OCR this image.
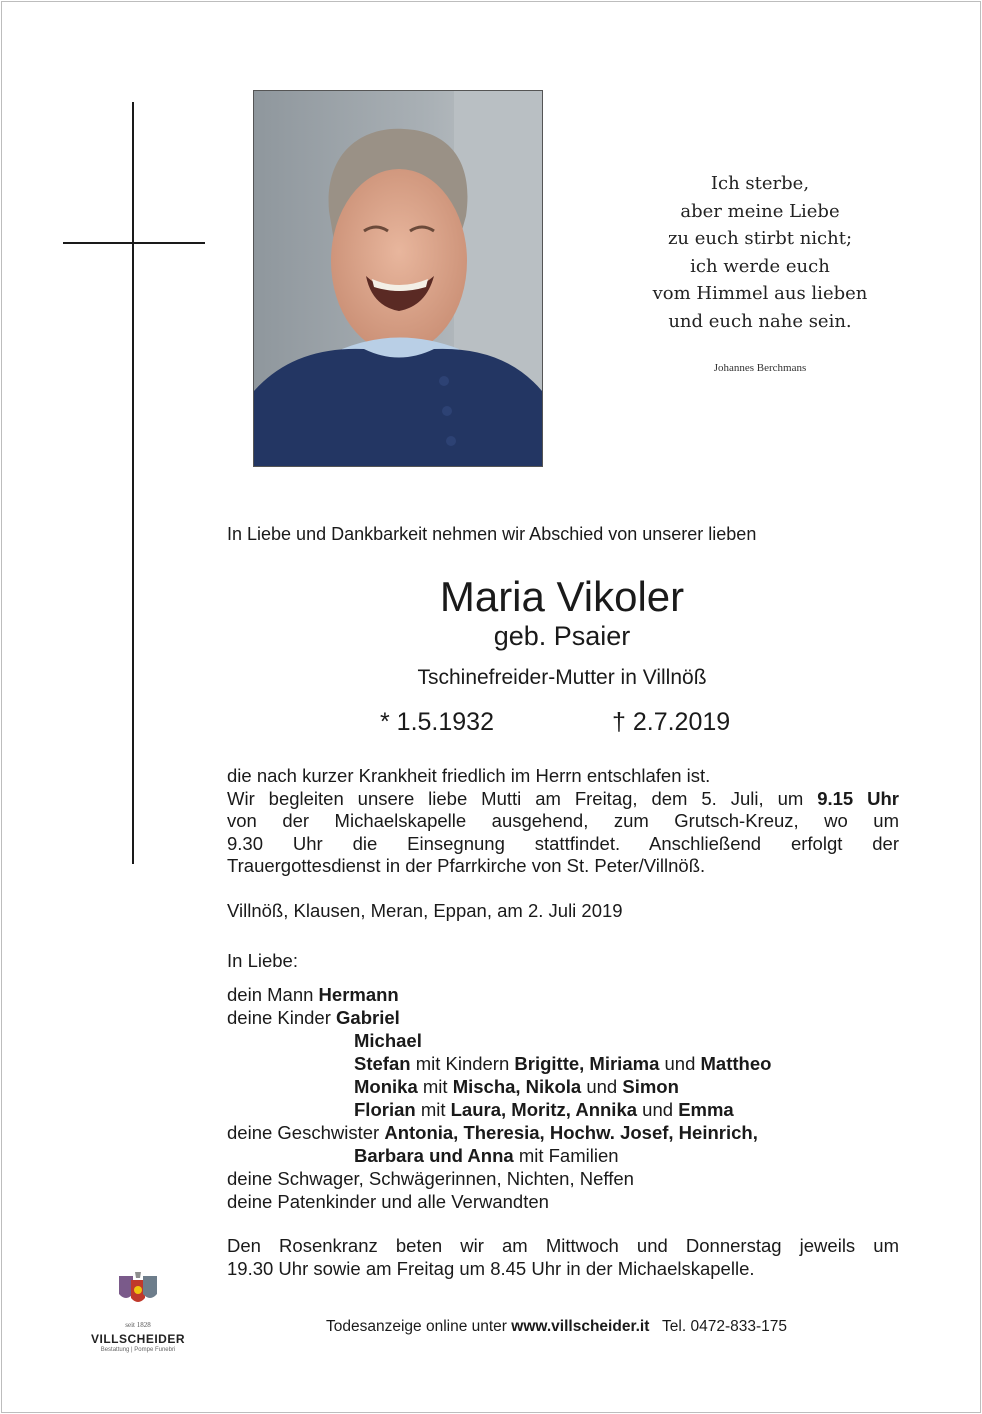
Ich sterbe,
aber meine Liebe
zu euch stirbt nicht;
ich werde euch
vom Himmel aus lieben
und euch nahe sein.
Johannes Berchmans
In Liebe und Dankbarkeit nehmen wir Abschied von unserer lieben
Maria Vikoler
geb. Psaier
Tschinefreider-Mutter in Villnöß
* 1.5.1932	† 2.7.2019
die nach kurzer Krankheit friedlich im Herrn entschlafen ist.
Wir begleiten unsere liebe Mutti am Freitag, dem 5. Juli, um 9.15 Uhr
von der Michaelskapelle ausgehend, zum Grutsch-Kreuz, wo um
9.30 Uhr die Einsegnung stattfindet. Anschließend erfolgt der
Trauergottesdienst in der Pfarrkirche von St. Peter/Villnöß.
Villnöß, Klausen, Meran, Eppan, am 2. Juli 2019
In Liebe:
dein Mann Hermann
deine Kinder Gabriel
Michael
Stefan mit Kindern Brigitte, Miriama und Mattheo
Monika mit Mischa, Nikola und Simon
Florian mit Laura, Moritz, Annika und Emma
deine Geschwister Antonia, Theresia, Hochw. Josef, Heinrich,
Barbara und Anna mit Familien
deine Schwager, Schwägerinnen, Nichten, Neffen
deine Patenkinder und alle Verwandten
Den Rosenkranz beten wir am Mittwoch und Donnerstag jeweils um
19.30 Uhr sowie am Freitag um 8.45 Uhr in der Michaelskapelle.
seit 1828
VILLSCHEIDER
Bestattung | Pompe Funebri
Todesanzeige online unter www.villscheider.it Tel. 0472-833-175
